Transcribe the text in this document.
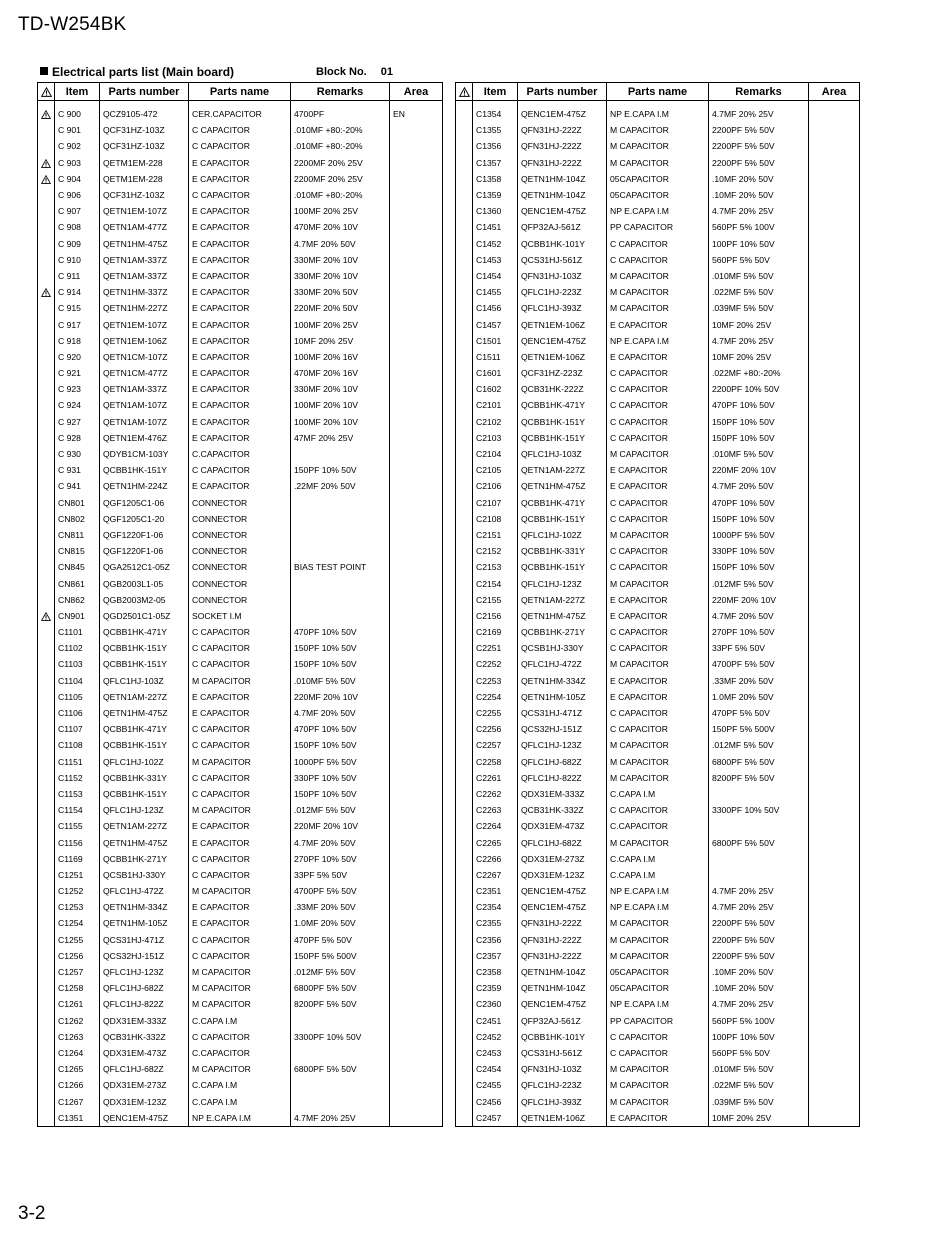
TD-W254BK
Electrical parts list (Main board)	Block No. 01
	Item	Parts number	Parts name	Remarks	Area
	C 900	QCZ9105-472	CER.CAPACITOR	4700PF	EN
	C 901	QCF31HZ-103Z	C CAPACITOR	.010MF +80:-20%	
	C 902	QCF31HZ-103Z	C CAPACITOR	.010MF +80:-20%	
	C 903	QETM1EM-228	E CAPACITOR	2200MF 20% 25V	
	C 904	QETM1EM-228	E CAPACITOR	2200MF 20% 25V	
	C 906	QCF31HZ-103Z	C CAPACITOR	.010MF +80:-20%	
	C 907	QETN1EM-107Z	E CAPACITOR	100MF 20% 25V	
	C 908	QETN1AM-477Z	E CAPACITOR	470MF 20% 10V	
	C 909	QETN1HM-475Z	E CAPACITOR	4.7MF 20% 50V	
	C 910	QETN1AM-337Z	E CAPACITOR	330MF 20% 10V	
	C 911	QETN1AM-337Z	E CAPACITOR	330MF 20% 10V	
	C 914	QETN1HM-337Z	E CAPACITOR	330MF 20% 50V	
	C 915	QETN1HM-227Z	E CAPACITOR	220MF 20% 50V	
	C 917	QETN1EM-107Z	E CAPACITOR	100MF 20% 25V	
	C 918	QETN1EM-106Z	E CAPACITOR	10MF 20% 25V	
	C 920	QETN1CM-107Z	E CAPACITOR	100MF 20% 16V	
	C 921	QETN1CM-477Z	E CAPACITOR	470MF 20% 16V	
	C 923	QETN1AM-337Z	E CAPACITOR	330MF 20% 10V	
	C 924	QETN1AM-107Z	E CAPACITOR	100MF 20% 10V	
	C 927	QETN1AM-107Z	E CAPACITOR	100MF 20% 10V	
	C 928	QETN1EM-476Z	E CAPACITOR	47MF 20% 25V	
	C 930	QDYB1CM-103Y	C.CAPACITOR		
	C 931	QCBB1HK-151Y	C CAPACITOR	150PF 10% 50V	
	C 941	QETN1HM-224Z	E CAPACITOR	.22MF 20% 50V	
	CN801	QGF1205C1-06	CONNECTOR		
	CN802	QGF1205C1-20	CONNECTOR		
	CN811	QGF1220F1-06	CONNECTOR		
	CN815	QGF1220F1-06	CONNECTOR		
	CN845	QGA2512C1-05Z	CONNECTOR	BIAS TEST POINT	
	CN861	QGB2003L1-05	CONNECTOR		
	CN862	QGB2003M2-05	CONNECTOR		
	CN901	QGD2501C1-05Z	SOCKET I.M		
	C1101	QCBB1HK-471Y	C CAPACITOR	470PF 10% 50V	
	C1102	QCBB1HK-151Y	C CAPACITOR	150PF 10% 50V	
	C1103	QCBB1HK-151Y	C CAPACITOR	150PF 10% 50V	
	C1104	QFLC1HJ-103Z	M CAPACITOR	.010MF 5% 50V	
	C1105	QETN1AM-227Z	E CAPACITOR	220MF 20% 10V	
	C1106	QETN1HM-475Z	E CAPACITOR	4.7MF 20% 50V	
	C1107	QCBB1HK-471Y	C CAPACITOR	470PF 10% 50V	
	C1108	QCBB1HK-151Y	C CAPACITOR	150PF 10% 50V	
	C1151	QFLC1HJ-102Z	M CAPACITOR	1000PF 5% 50V	
	C1152	QCBB1HK-331Y	C CAPACITOR	330PF 10% 50V	
	C1153	QCBB1HK-151Y	C CAPACITOR	150PF 10% 50V	
	C1154	QFLC1HJ-123Z	M CAPACITOR	.012MF 5% 50V	
	C1155	QETN1AM-227Z	E CAPACITOR	220MF 20% 10V	
	C1156	QETN1HM-475Z	E CAPACITOR	4.7MF 20% 50V	
	C1169	QCBB1HK-271Y	C CAPACITOR	270PF 10% 50V	
	C1251	QCSB1HJ-330Y	C CAPACITOR	33PF 5% 50V	
	C1252	QFLC1HJ-472Z	M CAPACITOR	4700PF 5% 50V	
	C1253	QETN1HM-334Z	E CAPACITOR	.33MF 20% 50V	
	C1254	QETN1HM-105Z	E CAPACITOR	1.0MF 20% 50V	
	C1255	QCS31HJ-471Z	C CAPACITOR	470PF 5% 50V	
	C1256	QCS32HJ-151Z	C CAPACITOR	150PF 5% 500V	
	C1257	QFLC1HJ-123Z	M CAPACITOR	.012MF 5% 50V	
	C1258	QFLC1HJ-682Z	M CAPACITOR	6800PF 5% 50V	
	C1261	QFLC1HJ-822Z	M CAPACITOR	8200PF 5% 50V	
	C1262	QDX31EM-333Z	C.CAPA I.M		
	C1263	QCB31HK-332Z	C CAPACITOR	3300PF 10% 50V	
	C1264	QDX31EM-473Z	C.CAPACITOR		
	C1265	QFLC1HJ-682Z	M CAPACITOR	6800PF 5% 50V	
	C1266	QDX31EM-273Z	C.CAPA I.M		
	C1267	QDX31EM-123Z	C.CAPA I.M		
	C1351	QENC1EM-475Z	NP E.CAPA I.M	4.7MF 20% 25V	
	Item	Parts number	Parts name	Remarks	Area
	C1354	QENC1EM-475Z	NP E.CAPA I.M	4.7MF 20% 25V	
	C1355	QFN31HJ-222Z	M CAPACITOR	2200PF 5% 50V	
	C1356	QFN31HJ-222Z	M CAPACITOR	2200PF 5% 50V	
	C1357	QFN31HJ-222Z	M CAPACITOR	2200PF 5% 50V	
	C1358	QETN1HM-104Z	05CAPACITOR	.10MF 20% 50V	
	C1359	QETN1HM-104Z	05CAPACITOR	.10MF 20% 50V	
	C1360	QENC1EM-475Z	NP E.CAPA I.M	4.7MF 20% 25V	
	C1451	QFP32AJ-561Z	PP CAPACITOR	560PF 5% 100V	
	C1452	QCBB1HK-101Y	C CAPACITOR	100PF 10% 50V	
	C1453	QCS31HJ-561Z	C CAPACITOR	560PF 5% 50V	
	C1454	QFN31HJ-103Z	M CAPACITOR	.010MF 5% 50V	
	C1455	QFLC1HJ-223Z	M CAPACITOR	.022MF 5% 50V	
	C1456	QFLC1HJ-393Z	M CAPACITOR	.039MF 5% 50V	
	C1457	QETN1EM-106Z	E CAPACITOR	10MF 20% 25V	
	C1501	QENC1EM-475Z	NP E.CAPA I.M	4.7MF 20% 25V	
	C1511	QETN1EM-106Z	E CAPACITOR	10MF 20% 25V	
	C1601	QCF31HZ-223Z	C CAPACITOR	.022MF +80:-20%	
	C1602	QCB31HK-222Z	C CAPACITOR	2200PF 10% 50V	
	C2101	QCBB1HK-471Y	C CAPACITOR	470PF 10% 50V	
	C2102	QCBB1HK-151Y	C CAPACITOR	150PF 10% 50V	
	C2103	QCBB1HK-151Y	C CAPACITOR	150PF 10% 50V	
	C2104	QFLC1HJ-103Z	M CAPACITOR	.010MF 5% 50V	
	C2105	QETN1AM-227Z	E CAPACITOR	220MF 20% 10V	
	C2106	QETN1HM-475Z	E CAPACITOR	4.7MF 20% 50V	
	C2107	QCBB1HK-471Y	C CAPACITOR	470PF 10% 50V	
	C2108	QCBB1HK-151Y	C CAPACITOR	150PF 10% 50V	
	C2151	QFLC1HJ-102Z	M CAPACITOR	1000PF 5% 50V	
	C2152	QCBB1HK-331Y	C CAPACITOR	330PF 10% 50V	
	C2153	QCBB1HK-151Y	C CAPACITOR	150PF 10% 50V	
	C2154	QFLC1HJ-123Z	M CAPACITOR	.012MF 5% 50V	
	C2155	QETN1AM-227Z	E CAPACITOR	220MF 20% 10V	
	C2156	QETN1HM-475Z	E CAPACITOR	4.7MF 20% 50V	
	C2169	QCBB1HK-271Y	C CAPACITOR	270PF 10% 50V	
	C2251	QCSB1HJ-330Y	C CAPACITOR	33PF 5% 50V	
	C2252	QFLC1HJ-472Z	M CAPACITOR	4700PF 5% 50V	
	C2253	QETN1HM-334Z	E CAPACITOR	.33MF 20% 50V	
	C2254	QETN1HM-105Z	E CAPACITOR	1.0MF 20% 50V	
	C2255	QCS31HJ-471Z	C CAPACITOR	470PF 5% 50V	
	C2256	QCS32HJ-151Z	C CAPACITOR	150PF 5% 500V	
	C2257	QFLC1HJ-123Z	M CAPACITOR	.012MF 5% 50V	
	C2258	QFLC1HJ-682Z	M CAPACITOR	6800PF 5% 50V	
	C2261	QFLC1HJ-822Z	M CAPACITOR	8200PF 5% 50V	
	C2262	QDX31EM-333Z	C.CAPA I.M		
	C2263	QCB31HK-332Z	C CAPACITOR	3300PF 10% 50V	
	C2264	QDX31EM-473Z	C.CAPACITOR		
	C2265	QFLC1HJ-682Z	M CAPACITOR	6800PF 5% 50V	
	C2266	QDX31EM-273Z	C.CAPA I.M		
	C2267	QDX31EM-123Z	C.CAPA I.M		
	C2351	QENC1EM-475Z	NP E.CAPA I.M	4.7MF 20% 25V	
	C2354	QENC1EM-475Z	NP E.CAPA I.M	4.7MF 20% 25V	
	C2355	QFN31HJ-222Z	M CAPACITOR	2200PF 5% 50V	
	C2356	QFN31HJ-222Z	M CAPACITOR	2200PF 5% 50V	
	C2357	QFN31HJ-222Z	M CAPACITOR	2200PF 5% 50V	
	C2358	QETN1HM-104Z	05CAPACITOR	.10MF 20% 50V	
	C2359	QETN1HM-104Z	05CAPACITOR	.10MF 20% 50V	
	C2360	QENC1EM-475Z	NP E.CAPA I.M	4.7MF 20% 25V	
	C2451	QFP32AJ-561Z	PP CAPACITOR	560PF 5% 100V	
	C2452	QCBB1HK-101Y	C CAPACITOR	100PF 10% 50V	
	C2453	QCS31HJ-561Z	C CAPACITOR	560PF 5% 50V	
	C2454	QFN31HJ-103Z	M CAPACITOR	.010MF 5% 50V	
	C2455	QFLC1HJ-223Z	M CAPACITOR	.022MF 5% 50V	
	C2456	QFLC1HJ-393Z	M CAPACITOR	.039MF 5% 50V	
	C2457	QETN1EM-106Z	E CAPACITOR	10MF 20% 25V	
3-2
